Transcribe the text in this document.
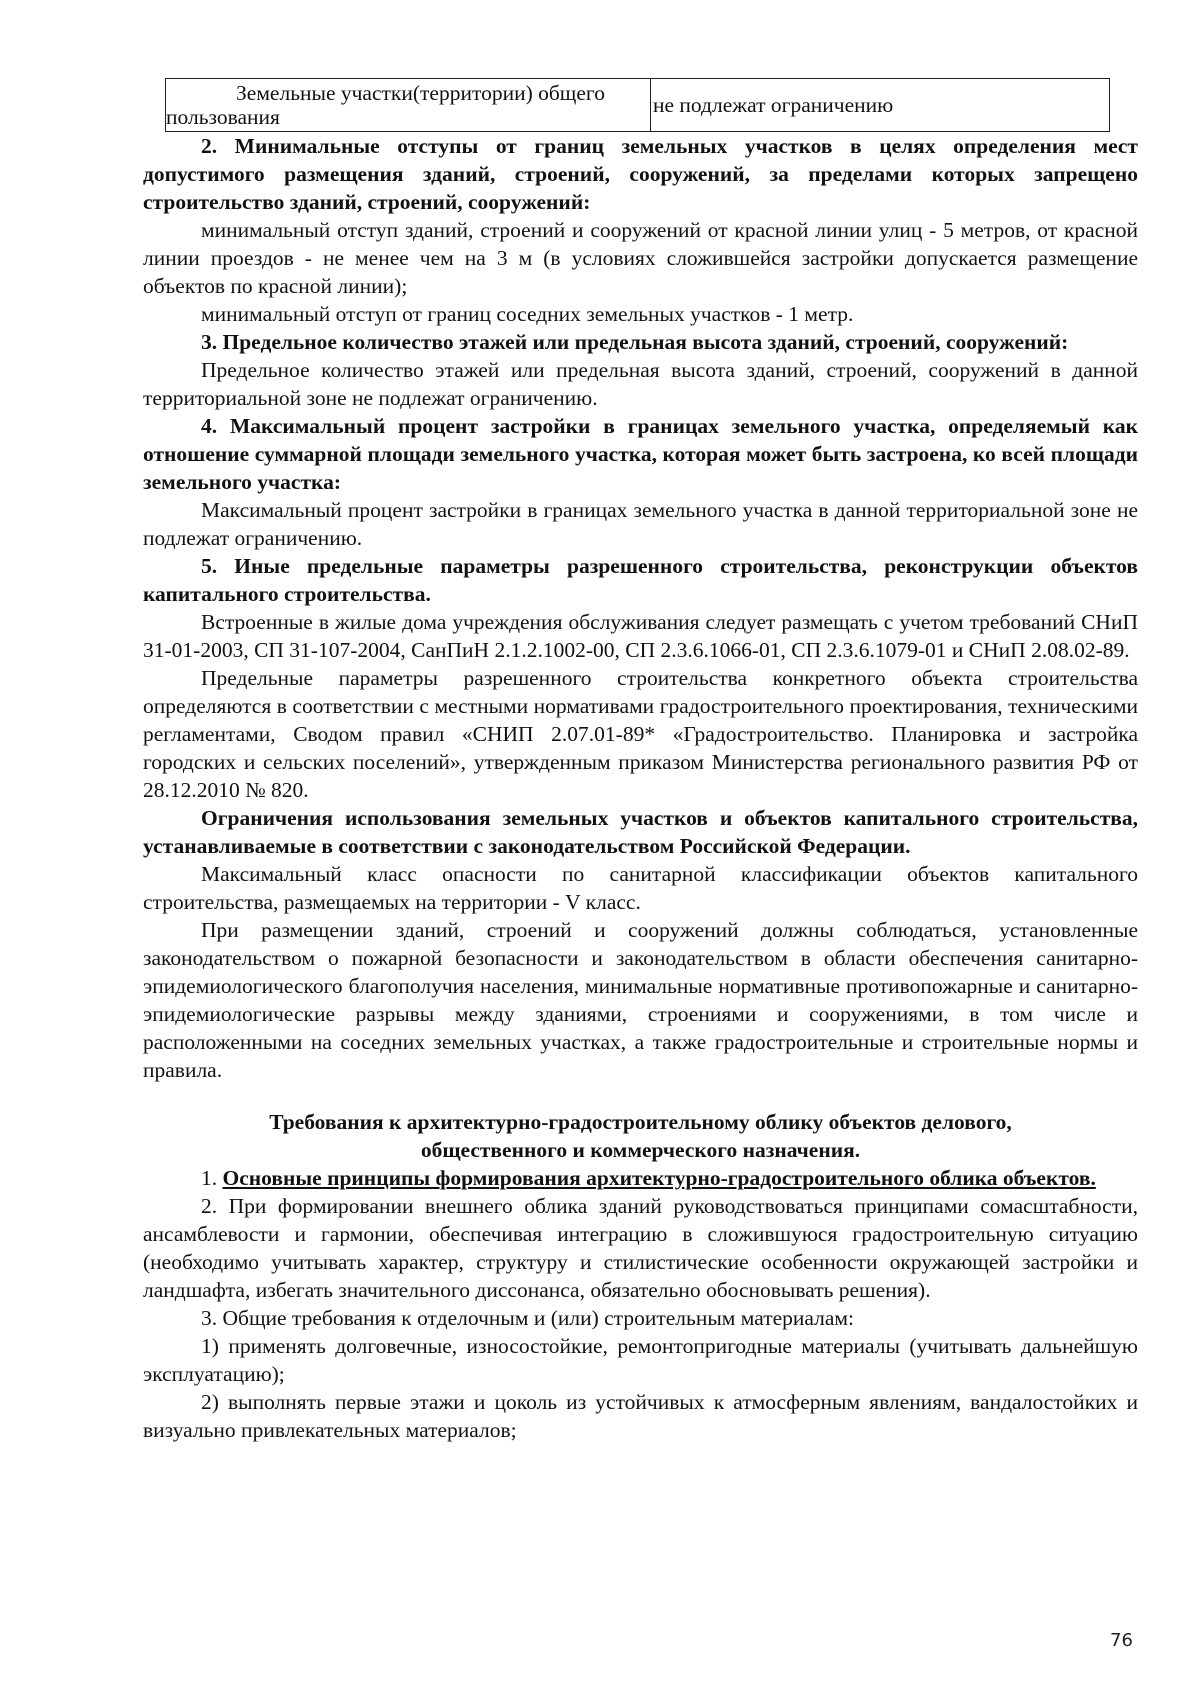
Земельные участки(территории) общего пользования	не подлежат ограничению

2. Минимальные отступы от границ земельных участков в целях определения мест допустимого размещения зданий, строений, сооружений, за пределами которых запрещено строительство зданий, строений, сооружений:

минимальный отступ зданий, строений и сооружений от красной линии улиц - 5 метров, от красной линии проездов - не менее чем на 3 м (в условиях сложившейся застройки допускается размещение объектов по красной линии);

минимальный отступ от границ соседних земельных участков - 1 метр.

3. Предельное количество этажей или предельная высота зданий, строений, сооружений:

Предельное количество этажей или предельная высота зданий, строений, сооружений в данной территориальной зоне не подлежат ограничению.

4. Максимальный процент застройки в границах земельного участка, определяемый как отношение суммарной площади земельного участка, которая может быть застроена, ко всей площади земельного участка:

Максимальный процент застройки в границах земельного участка в данной территориальной зоне не подлежат ограничению.

5. Иные предельные параметры разрешенного строительства, реконструкции объектов капитального строительства.

Встроенные в жилые дома учреждения обслуживания следует размещать с учетом требований СНиП 31-01-2003, СП 31-107-2004, СанПиН 2.1.2.1002-00, СП 2.3.6.1066-01, СП 2.3.6.1079-01 и СНиП 2.08.02-89.

Предельные параметры разрешенного строительства конкретного объекта строительства определяются в соответствии с местными нормативами градостроительного проектирования, техническими регламентами, Сводом правил «СНИП 2.07.01-89* «Градостроительство. Планировка и застройка городских и сельских поселений», утвержденным приказом Министерства регионального развития РФ от 28.12.2010 № 820.

Ограничения использования земельных участков и объектов капитального строительства, устанавливаемые в соответствии с законодательством Российской Федерации.

Максимальный класс опасности по санитарной классификации объектов капитального строительства, размещаемых на территории - V класс.

При размещении зданий, строений и сооружений должны соблюдаться, установленные законодательством о пожарной безопасности и законодательством в области обеспечения санитарно-эпидемиологического благополучия населения, минимальные нормативные противопожарные и санитарно-эпидемиологические разрывы между зданиями, строениями и сооружениями, в том числе и расположенными на соседних земельных участках, а также градостроительные и строительные нормы и правила.

Требования к архитектурно-градостроительному облику объектов делового,
общественного и коммерческого назначения.

1. Основные принципы формирования архитектурно-градостроительного облика объектов.

2. При формировании внешнего облика зданий руководствоваться принципами сомасштабности, ансамблевости и гармонии, обеспечивая интеграцию в сложившуюся градостроительную ситуацию (необходимо учитывать характер, структуру и стилистические особенности окружающей застройки и ландшафта, избегать значительного диссонанса, обязательно обосновывать решения).

3. Общие требования к отделочным и (или) строительным материалам:

1) применять долговечные, износостойкие, ремонтопригодные материалы (учитывать дальнейшую эксплуатацию);

2) выполнять первые этажи и цоколь из устойчивых к атмосферным явлениям, вандалостойких и визуально привлекательных материалов;

76
